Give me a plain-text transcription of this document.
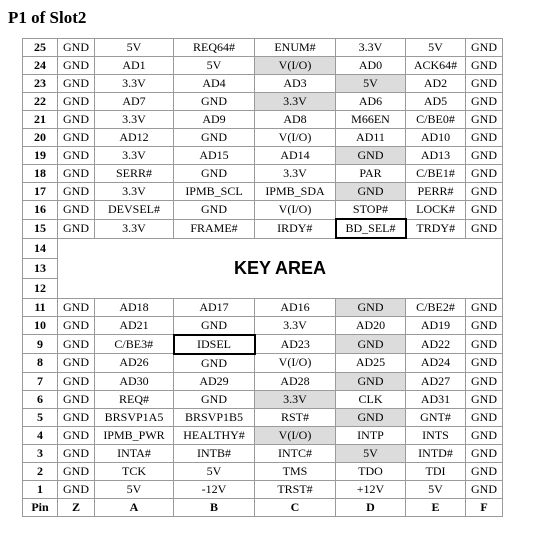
P1 of Slot2
25	GND	5V	REQ64#	ENUM#	3.3V	5V	GND
24	GND	AD1	5V	V(I/O)	AD0	ACK64#	GND
23	GND	3.3V	AD4	AD3	5V	AD2	GND
22	GND	AD7	GND	3.3V	AD6	AD5	GND
21	GND	3.3V	AD9	AD8	M66EN	C/BE0#	GND
20	GND	AD12	GND	V(I/O)	AD11	AD10	GND
19	GND	3.3V	AD15	AD14	GND	AD13	GND
18	GND	SERR#	GND	3.3V	PAR	C/BE1#	GND
17	GND	3.3V	IPMB_SCL	IPMB_SDA	GND	PERR#	GND
16	GND	DEVSEL#	GND	V(I/O)	STOP#	LOCK#	GND
15	GND	3.3V	FRAME#	IRDY#	BD_SEL#	TRDY#	GND
14	KEY AREA						
13							
12							
11	GND	AD18	AD17	AD16	GND	C/BE2#	GND
10	GND	AD21	GND	3.3V	AD20	AD19	GND
9	GND	C/BE3#	IDSEL	AD23	GND	AD22	GND
8	GND	AD26	GND	V(I/O)	AD25	AD24	GND
7	GND	AD30	AD29	AD28	GND	AD27	GND
6	GND	REQ#	GND	3.3V	CLK	AD31	GND
5	GND	BRSVP1A5	BRSVP1B5	RST#	GND	GNT#	GND
4	GND	IPMB_PWR	HEALTHY#	V(I/O)	INTP	INTS	GND
3	GND	INTA#	INTB#	INTC#	5V	INTD#	GND
2	GND	TCK	5V	TMS	TDO	TDI	GND
1	GND	5V	-12V	TRST#	+12V	5V	GND
Pin	Z	A	B	C	D	E	F
